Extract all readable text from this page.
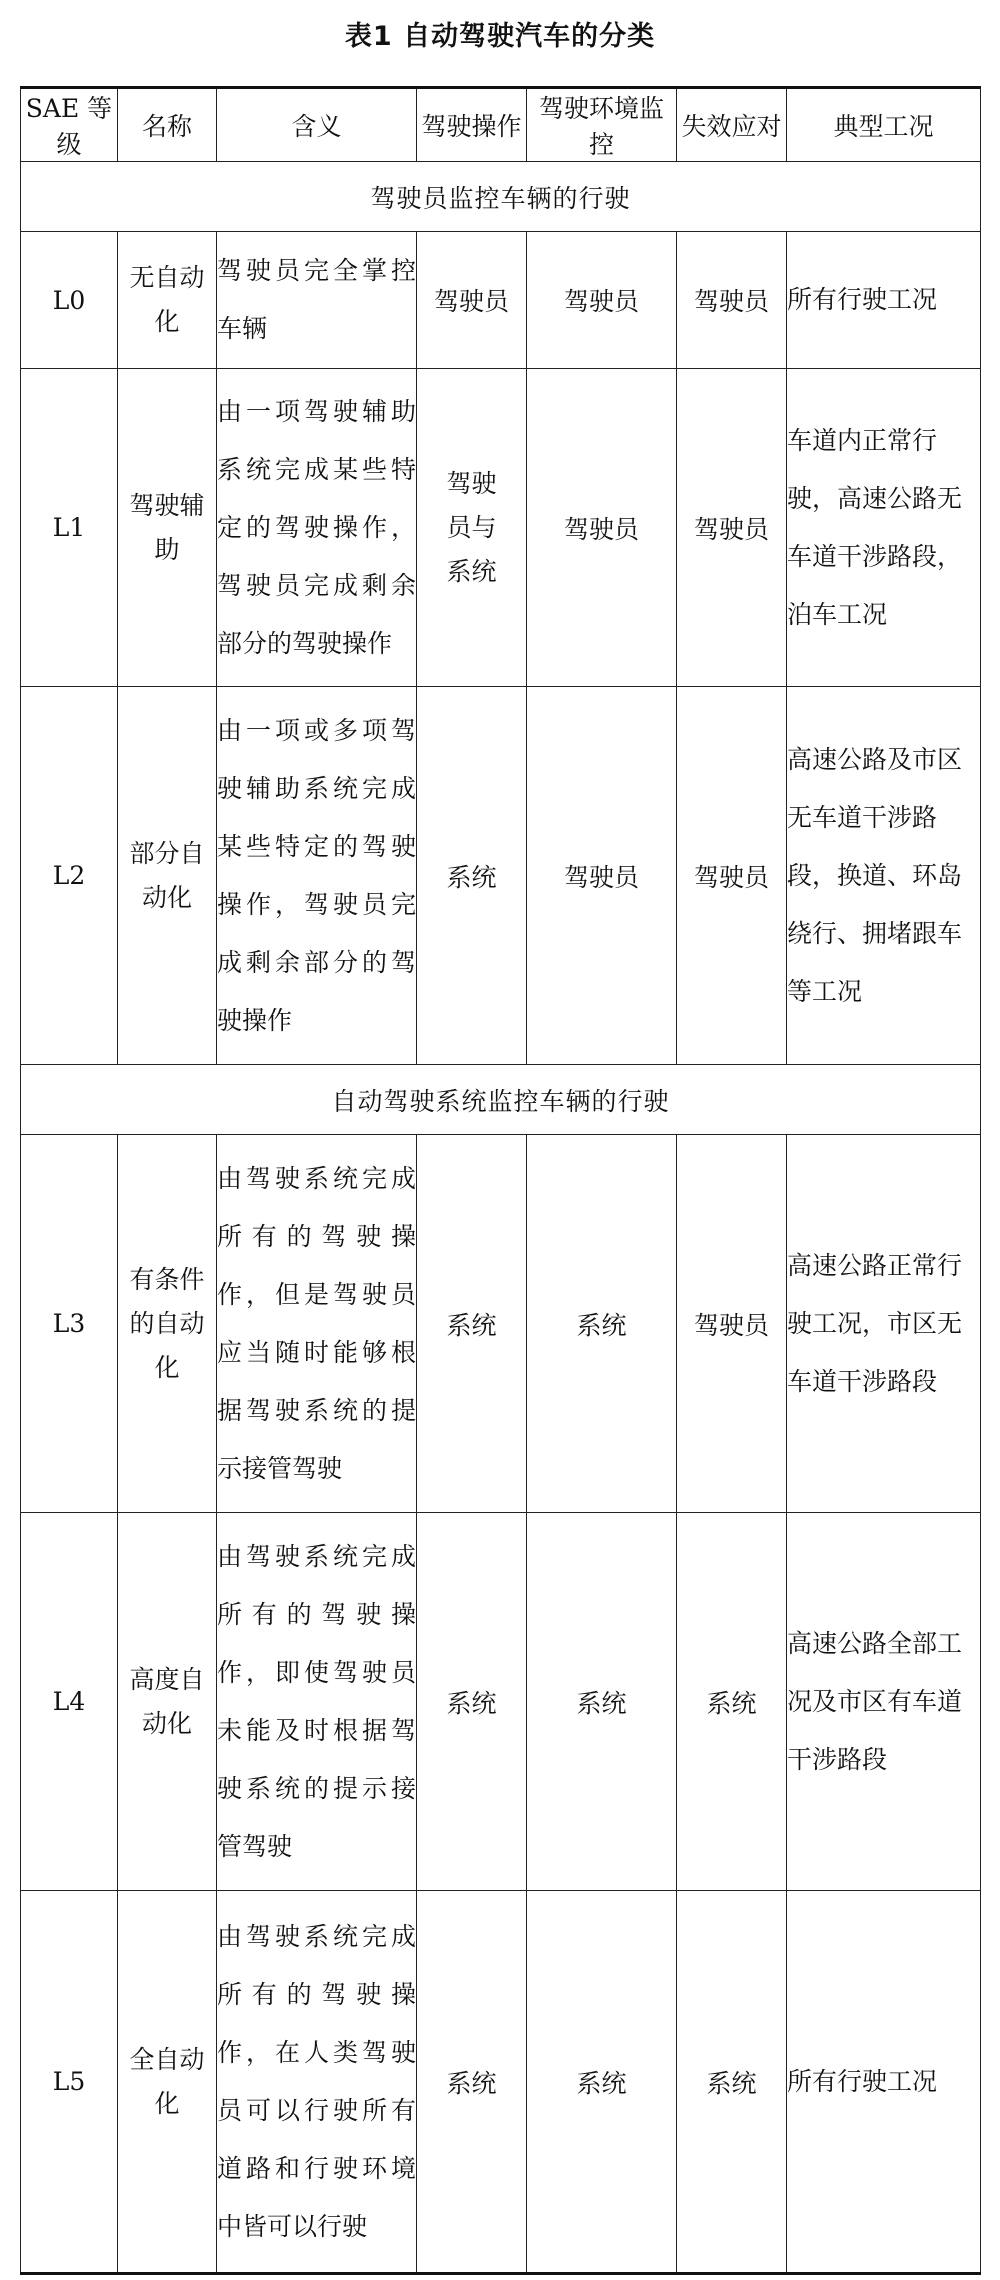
表1 自动驾驶汽车的分类
SAE 等级	名称	含义	驾驶操作	驾驶环境监控	失效应对	典型工况
驾驶员监控车辆的行驶						
L0	无自动化	驾驶员完全掌控车辆	驾驶员	驾驶员	驾驶员	所有行驶工况
L1	驾驶辅助	由一项驾驶辅助系统完成某些特定的驾驶操作，驾驶员完成剩余部分的驾驶操作	驾驶员与系统	驾驶员	驾驶员	车道内正常行驶，高速公路无车道干涉路段，泊车工况
L2	部分自动化	由一项或多项驾驶辅助系统完成某些特定的驾驶操作，驾驶员完成剩余部分的驾驶操作	系统	驾驶员	驾驶员	高速公路及市区无车道干涉路段，换道、环岛绕行、拥堵跟车等工况
自动驾驶系统监控车辆的行驶						
L3	有条件的自动化	由驾驶系统完成所有的驾驶操作，但是驾驶员应当随时能够根据驾驶系统的提示接管驾驶	系统	系统	驾驶员	高速公路正常行驶工况，市区无车道干涉路段
L4	高度自动化	由驾驶系统完成所有的驾驶操作，即使驾驶员未能及时根据驾驶系统的提示接管驾驶	系统	系统	系统	高速公路全部工况及市区有车道干涉路段
L5	全自动化	由驾驶系统完成所有的驾驶操作，在人类驾驶员可以行驶所有道路和行驶环境中皆可以行驶	系统	系统	系统	所有行驶工况
